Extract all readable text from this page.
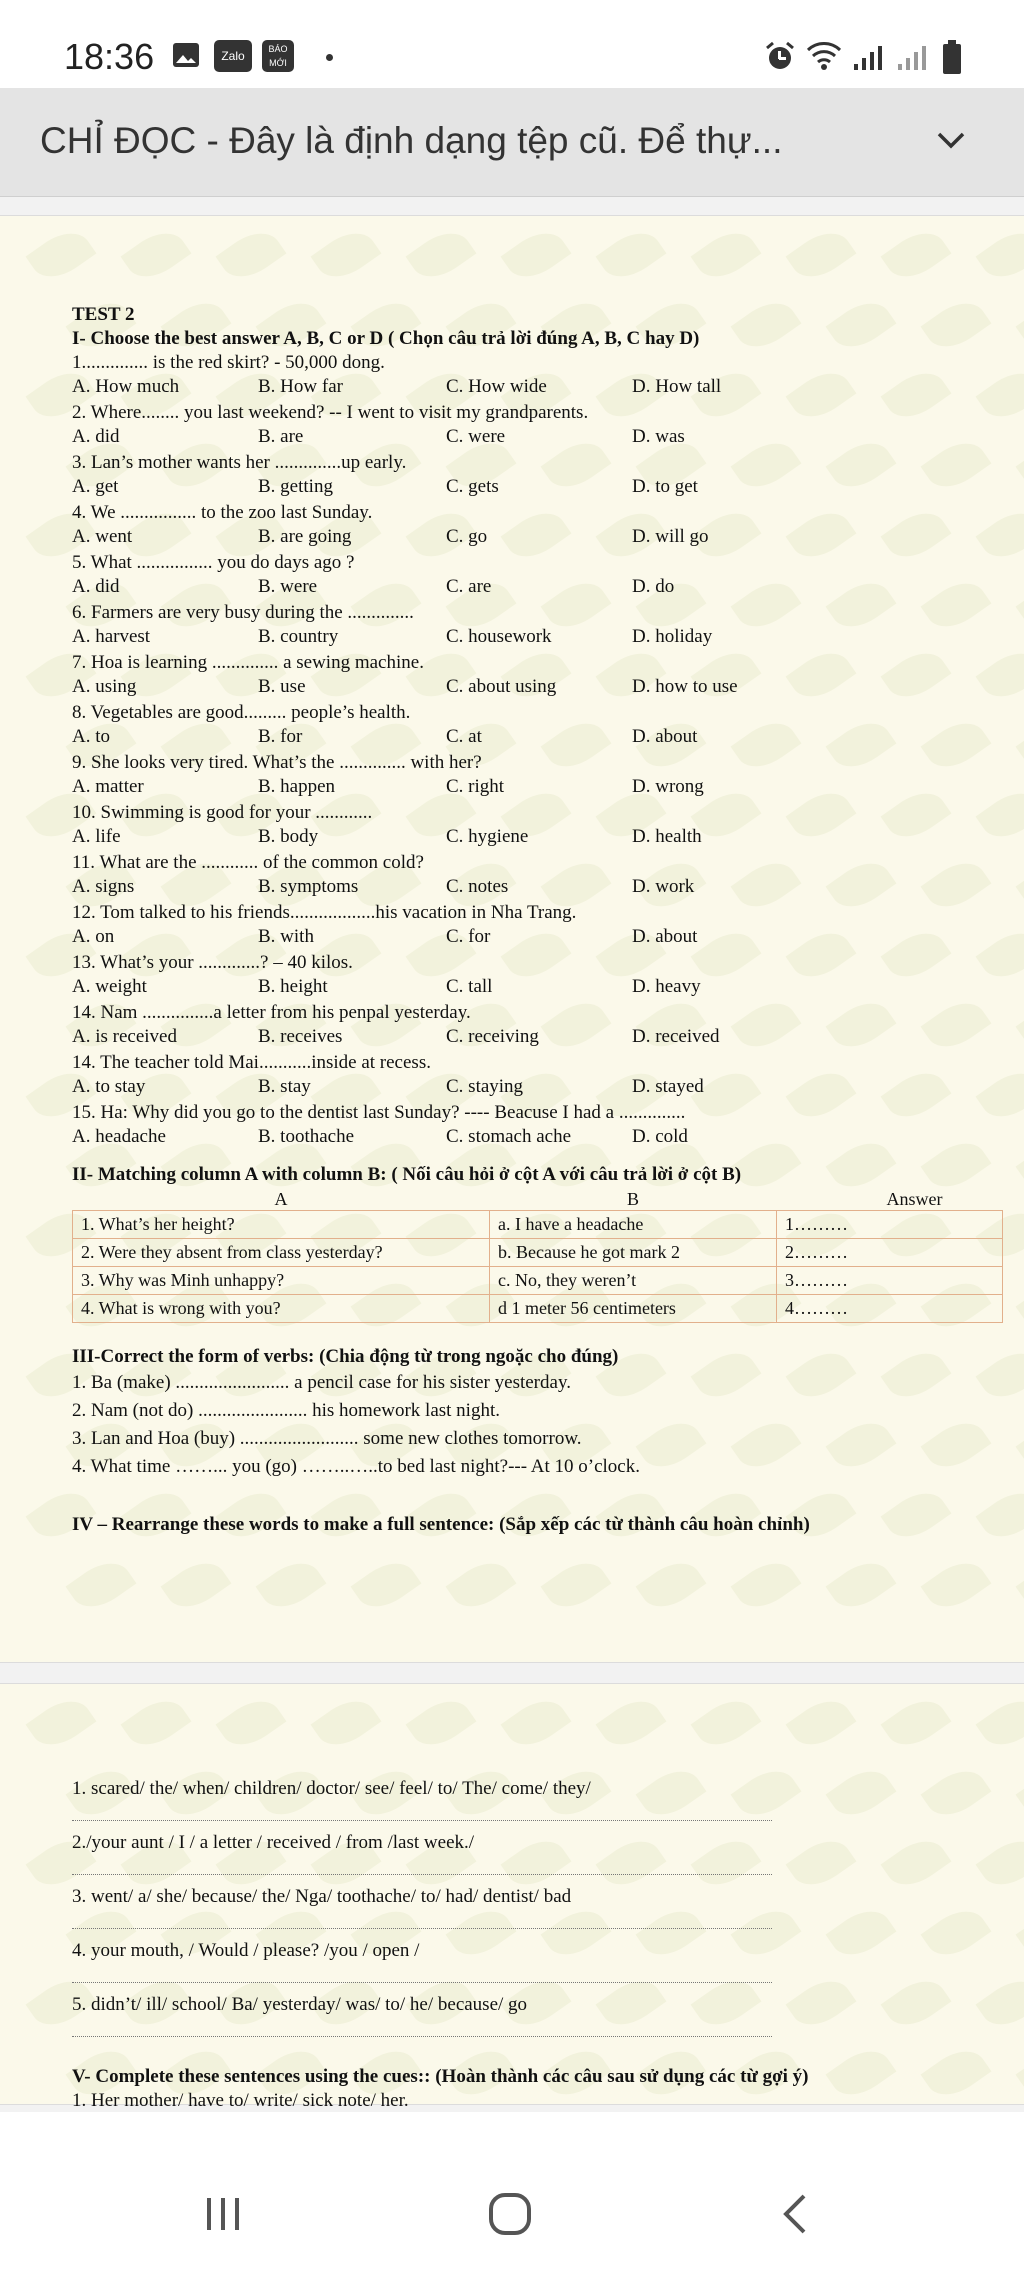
18:36	Zalo	BÁO MỚI
CHỈ ĐỌC - Đây là định dạng tệp cũ. Để thự...
TEST 2
I- Choose the best answer A, B, C or D ( Chọn câu trả lời đúng A, B, C hay D)
1.............. is the red skirt? - 50,000 dong.
A. How much	B. How far	C. How wide	D. How tall
2. Where........ you last weekend? -- I went to visit my grandparents.
A. did	B. are	C. were	D. was
3. Lan’s mother wants her ..............up early.
A. get	B. getting	C. gets	D. to get
4. We ................ to the zoo last Sunday.
A. went	B. are going	C. go	D. will go
5. What ................ you do days ago ?
A. did	B. were	C. are	D. do
6. Farmers are very busy during the ..............
A. harvest	B. country	C. housework	D. holiday
7. Hoa is learning .............. a sewing machine.
A. using	B. use	C. about using	D. how to use
8. Vegetables are good......... people’s health.
A. to	B. for	C. at	D. about
9. She looks very tired. What’s the .............. with her?
A. matter	B. happen	C. right	D. wrong
10. Swimming is good for your ............
A. life	B. body	C. hygiene	D. health
11. What are the ............ of the common cold?
A. signs	B. symptoms	C. notes	D. work
12. Tom talked to his friends..................his vacation in Nha Trang.
A. on	B. with	C. for	D. about
13. What’s your .............? – 40 kilos.
A. weight	B. height	C. tall	D. heavy
14. Nam ...............a letter from his penpal yesterday.
A. is received	B. receives	C. receiving	D. received
14. The teacher told Mai...........inside at recess.
A. to stay	B. stay	C. staying	D. stayed
15. Ha: Why did you go to the dentist last Sunday? ---- Beacuse I had a ..............
A. headache	B. toothache	C. stomach ache	D. cold
II- Matching column A with column B: ( Nối câu hỏi ở cột A với câu trả lời ở cột B)
A	B	Answer
1. What’s her height?	a. I have a headache	1………
2. Were they absent from class yesterday?	b. Because he got mark 2	2………
3. Why was Minh unhappy?	c. No, they weren’t	3………
4. What is wrong with you?	d 1 meter 56 centimeters	4………
III-Correct the form of verbs: (Chia động từ trong ngoặc cho đúng)
1. Ba (make) ........................ a pencil case for his sister yesterday.
2. Nam (not do) ....................... his homework last night.
3. Lan and Hoa (buy) ......................... some new clothes tomorrow.
4. What time ……... you (go) ……..…..to bed last night?--- At 10 o’clock.
IV – Rearrange these words to make a full sentence: (Sắp xếp các từ thành câu hoàn chỉnh)
1. scared/ the/ when/ children/ doctor/ see/ feel/ to/ The/ come/ they/
2./your aunt / I / a letter / received / from /last week./
3. went/ a/ she/ because/ the/ Nga/ toothache/ to/ had/ dentist/ bad
4. your mouth, / Would / please? /you / open /
5. didn’t/ ill/ school/ Ba/ yesterday/ was/ to/ he/ because/ go
V- Complete these sentences using the cues:: (Hoàn thành các câu sau sử dụng các từ gợi ý)
1. Her mother/ have to/ write/ sick note/ her.
